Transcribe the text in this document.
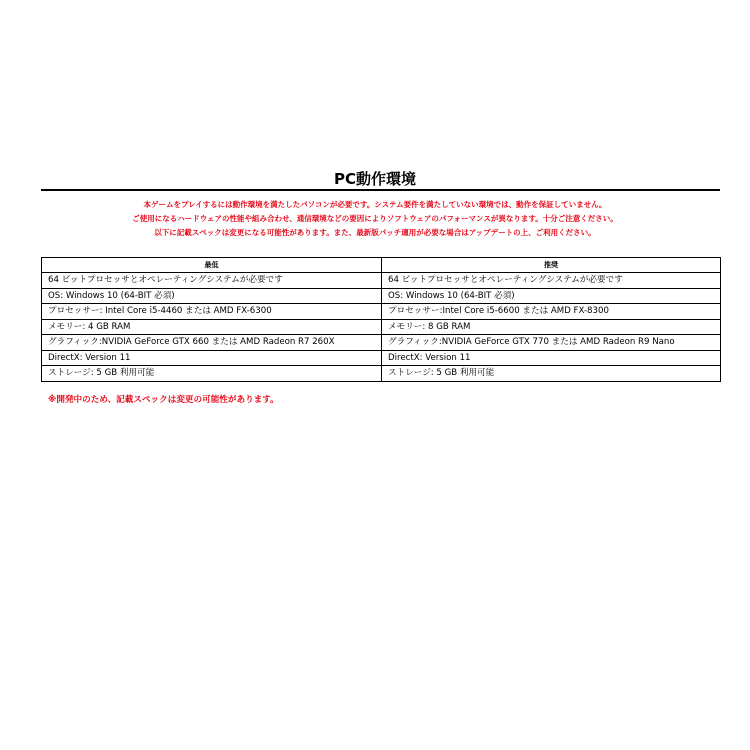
PC動作環境
本ゲームをプレイするには動作環境を満たしたパソコンが必要です。システム要件を満たしていない環境では、動作を保証していません。
ご使用になるハードウェアの性能や組み合わせ、通信環境などの要因によりソフトウェアのパフォーマンスが異なります。十分ご注意ください。
以下に記載スペックは変更になる可能性があります。また、最新版パッチ適用が必要な場合はアップデートの上、ご利用ください。
最低	推奨
64 ビットプロセッサとオペレーティングシステムが必要です	64 ビットプロセッサとオペレーティングシステムが必要です
OS: Windows 10 (64-BIT 必須)	OS: Windows 10 (64-BIT 必須)
プロセッサー: Intel Core i5-4460 または AMD FX-6300	プロセッサー:Intel Core i5-6600 または AMD FX-8300
メモリー: 4 GB RAM	メモリー: 8 GB RAM
グラフィック:NVIDIA GeForce GTX 660 または AMD Radeon R7 260X	グラフィック:NVIDIA GeForce GTX 770 または AMD Radeon R9 Nano
DirectX: Version 11	DirectX: Version 11
ストレージ: 5 GB 利用可能	ストレージ: 5 GB 利用可能
※開発中のため、記載スペックは変更の可能性があります。
